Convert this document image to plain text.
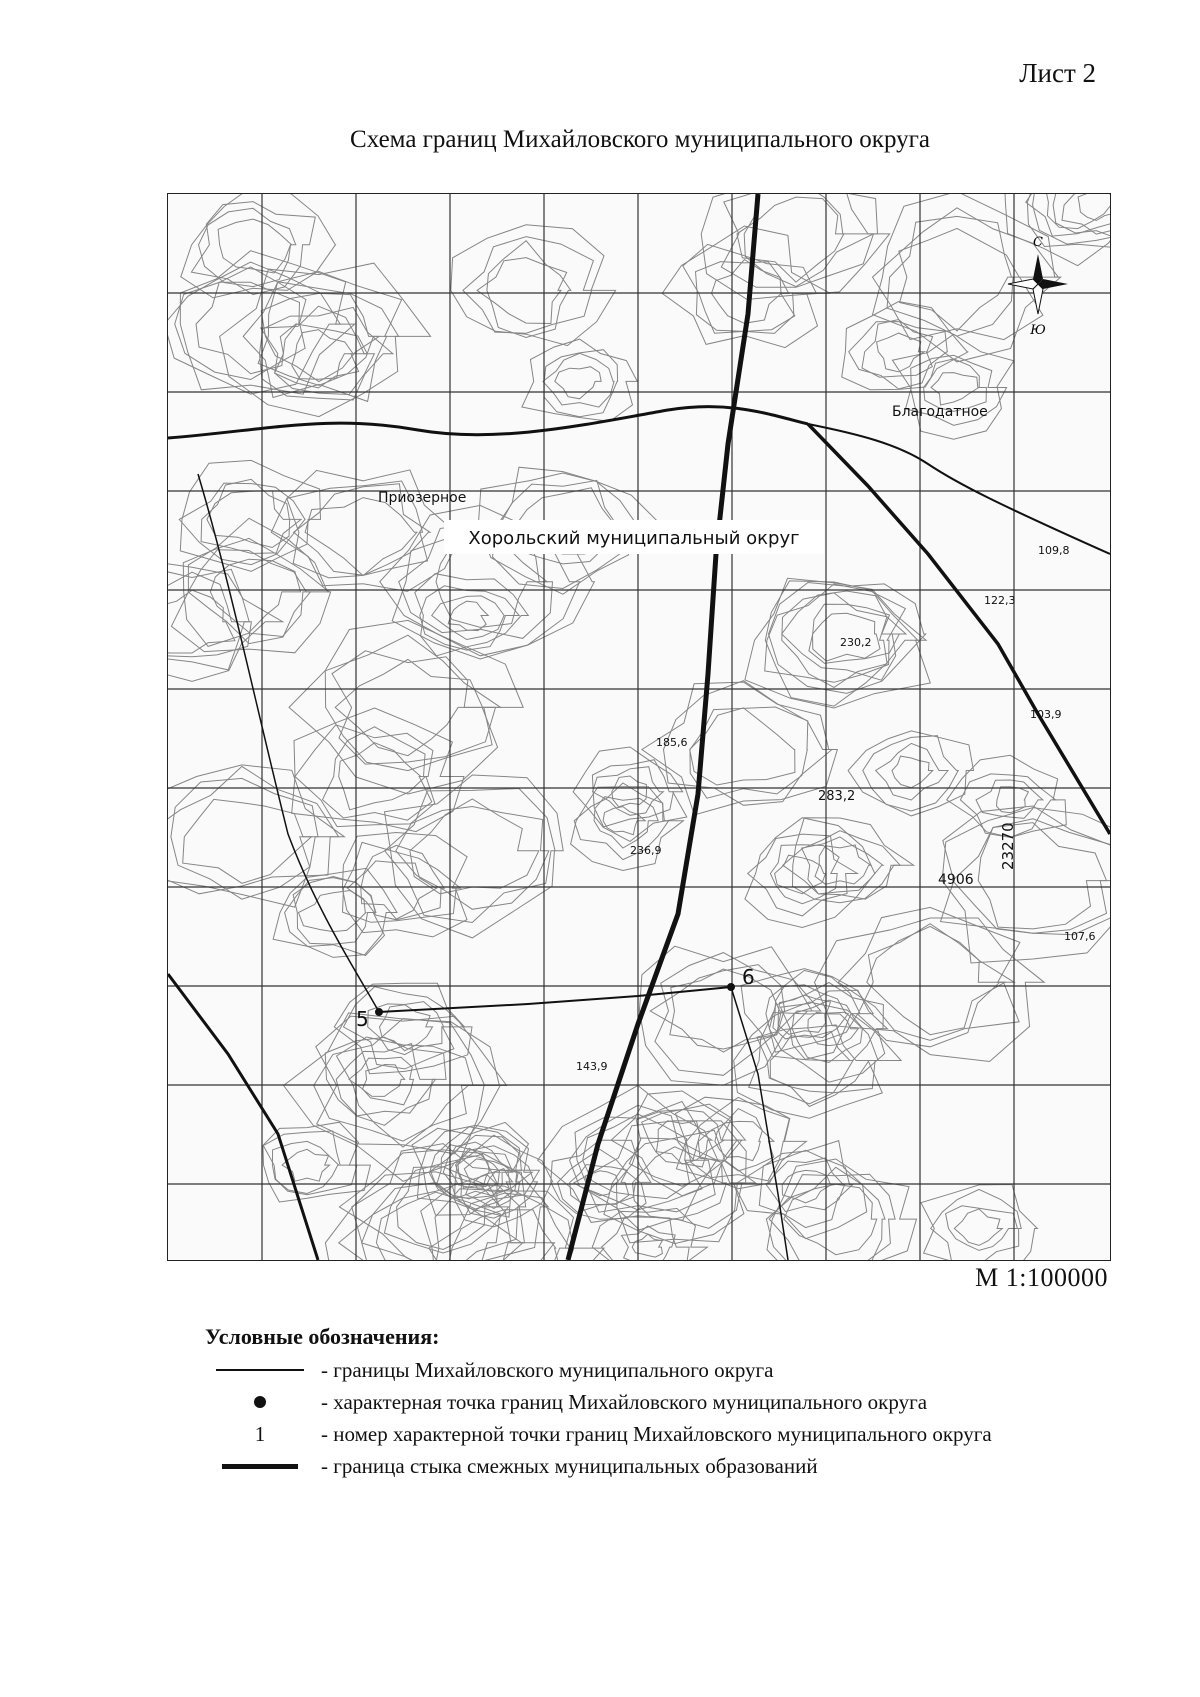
Лист 2
Схема границ Михайловского муниципального округа
С
Ю
Хорольский муниципальный округ
Благодатное
Приозерное
23270
4906
283,2
230,2
185,6
236,9
143,9
122,3
109,8
103,9
107,6
5
6
М 1:100000
Условные обозначения:
- границы Михайловского муниципального округа
- характерная точка границ Михайловского муниципального округа
1	- номер характерной точки границ Михайловского муниципального округа
- граница стыка смежных муниципальных образований
